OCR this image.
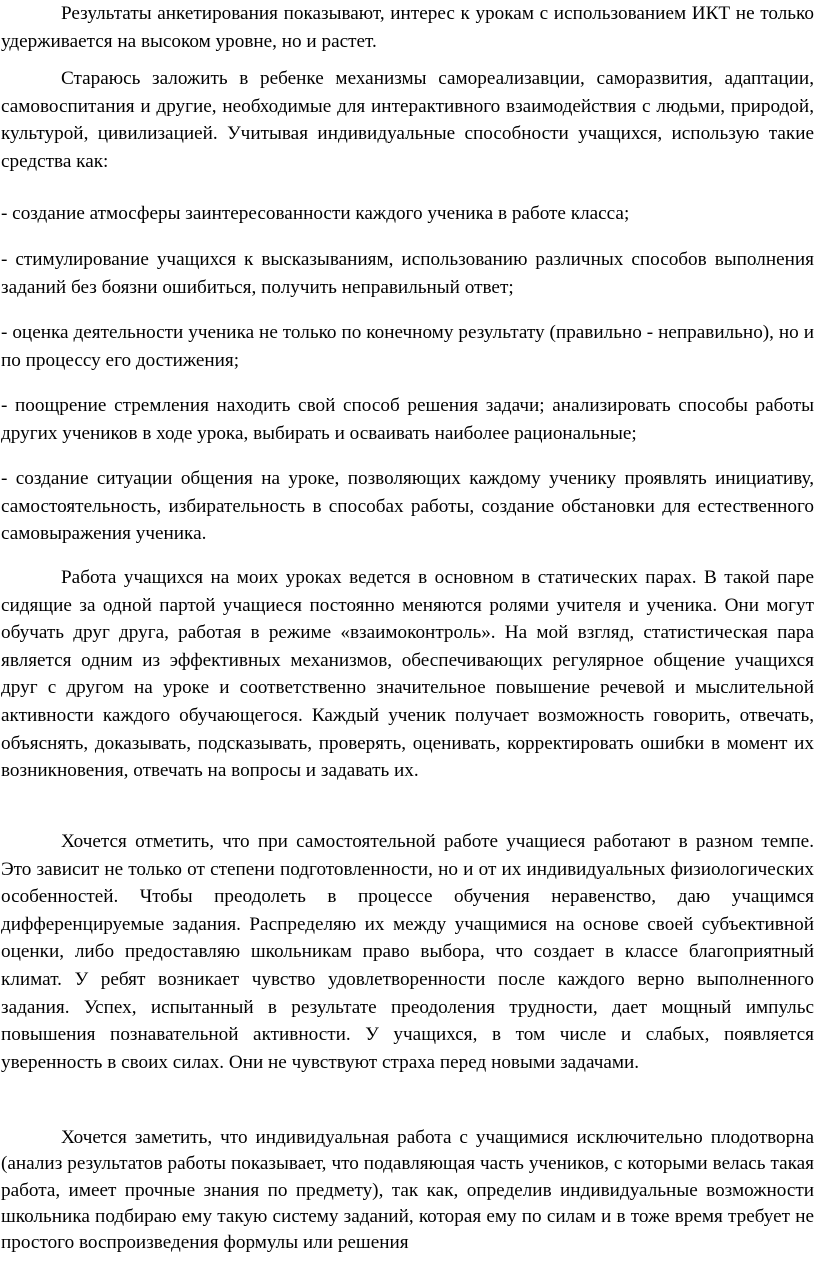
Результаты анкетирования показывают, интерес к урокам с использованием ИКТ не только удерживается на высоком уровне, но и растет.

Стараюсь заложить в ребенке механизмы самореализавции, саморазвития, адаптации, самовоспитания и другие, необходимые для интерактивного взаимодействия с людьми, природой, культурой, цивилизацией. Учитывая индивидуальные способности учащихся, использую такие средства как:

- создание атмосферы заинтересованности каждого ученика в работе класса;

- стимулирование учащихся к высказываниям, использованию различных способов выполнения заданий без боязни ошибиться, получить неправильный ответ;

- оценка деятельности ученика не только по конечному результату (правильно - неправильно), но и по процессу его достижения;

- поощрение стремления находить свой способ решения задачи; анализировать способы работы других учеников в ходе урока, выбирать и осваивать наиболее рациональные;

- создание ситуации общения на уроке, позволяющих каждому ученику проявлять инициативу, самостоятельность, избирательность в способах работы, создание обстановки для естественного самовыражения ученика.

Работа учащихся на моих уроках ведется в основном в статических парах. В такой паре сидящие за одной партой учащиеся постоянно меняются ролями учителя и ученика. Они могут обучать друг друга, работая в режиме «взаимоконтроль». На мой взгляд, статистическая пара является одним из эффективных механизмов, обеспечивающих регулярное общение учащихся друг с другом на уроке и соответственно значительное повышение речевой и мыслительной активности каждого обучающегося. Каждый ученик получает возможность говорить, отвечать, объяснять, доказывать, подсказывать, проверять, оценивать, корректировать ошибки в момент их возникновения, отвечать на вопросы и задавать их.

Хочется отметить, что при самостоятельной работе учащиеся работают в разном темпе. Это зависит не только от степени подготовленности, но и от их индивидуальных физиологических особенностей. Чтобы преодолеть в процессе обучения неравенство, даю учащимся дифференцируемые задания. Распределяю их между учащимися на основе своей субъективной оценки, либо предоставляю школьникам право выбора, что создает в классе благоприятный климат. У ребят возникает чувство удовлетворенности после каждого верно выполненного задания. Успех, испытанный в результате преодоления трудности, дает мощный импульс повышения познавательной активности. У учащихся, в том числе и слабых, появляется уверенность в своих силах. Они не чувствуют страха перед новыми задачами.

Хочется заметить, что индивидуальная работа с учащимися исключительно плодотворна (анализ результатов работы показывает, что подавляющая часть учеников, с которыми велась такая работа, имеет прочные знания по предмету), так как, определив индивидуальные возможности школьника подбираю ему такую систему заданий, которая ему по силам и в тоже время требует не простого воспроизведения формулы или решения
